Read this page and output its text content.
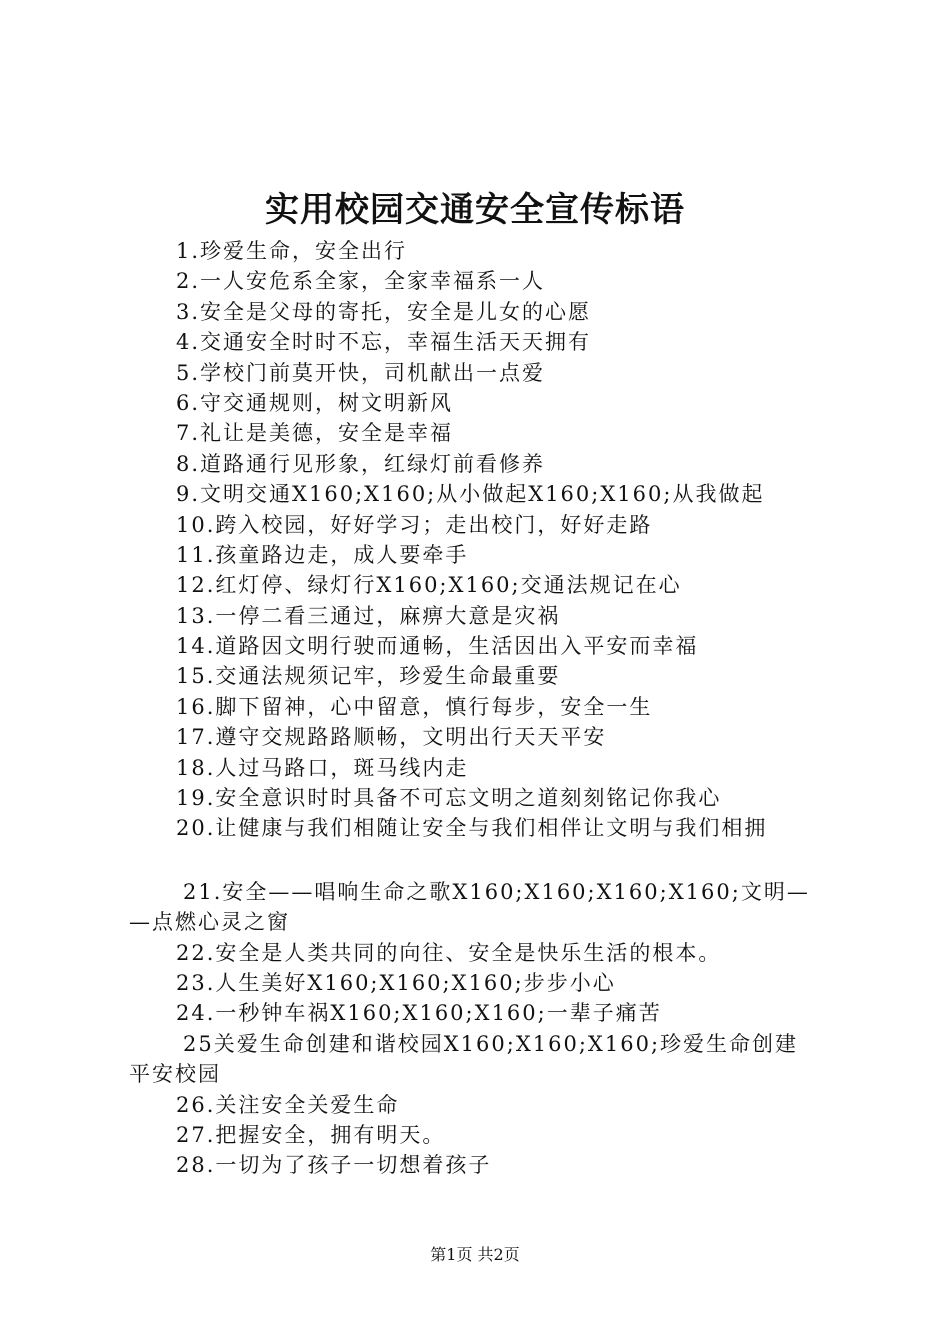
实用校园交通安全宣传标语
1.珍爱生命，安全出行
2.一人安危系全家，全家幸福系一人
3.安全是父母的寄托，安全是儿女的心愿
4.交通安全时时不忘，幸福生活天天拥有
5.学校门前莫开快，司机献出一点爱
6.守交通规则，树文明新风
7.礼让是美德，安全是幸福
8.道路通行见形象，红绿灯前看修养
9.文明交通X160;X160;从小做起X160;X160;从我做起
10.跨入校园，好好学习；走出校门，好好走路
11.孩童路边走，成人要牵手
12.红灯停、绿灯行X160;X160;交通法规记在心
13.一停二看三通过，麻痹大意是灾祸
14.道路因文明行驶而通畅，生活因出入平安而幸福
15.交通法规须记牢，珍爱生命最重要
16.脚下留神，心中留意，慎行每步，安全一生
17.遵守交规路路顺畅，文明出行天天平安
18.人过马路口，斑马线内走
19.安全意识时时具备不可忘文明之道刻刻铭记你我心
20.让健康与我们相随让安全与我们相伴让文明与我们相拥
21.安全——唱响生命之歌X160;X160;X160;X160;文明—
—点燃心灵之窗
22.安全是人类共同的向往、安全是快乐生活的根本。
23.人生美好X160;X160;X160;步步小心
24.一秒钟车祸X160;X160;X160;一辈子痛苦
25关爱生命创建和谐校园X160;X160;X160;珍爱生命创建
平安校园
26.关注安全关爱生命
27.把握安全，拥有明天。
28.一切为了孩子一切想着孩子
第1页 共2页
